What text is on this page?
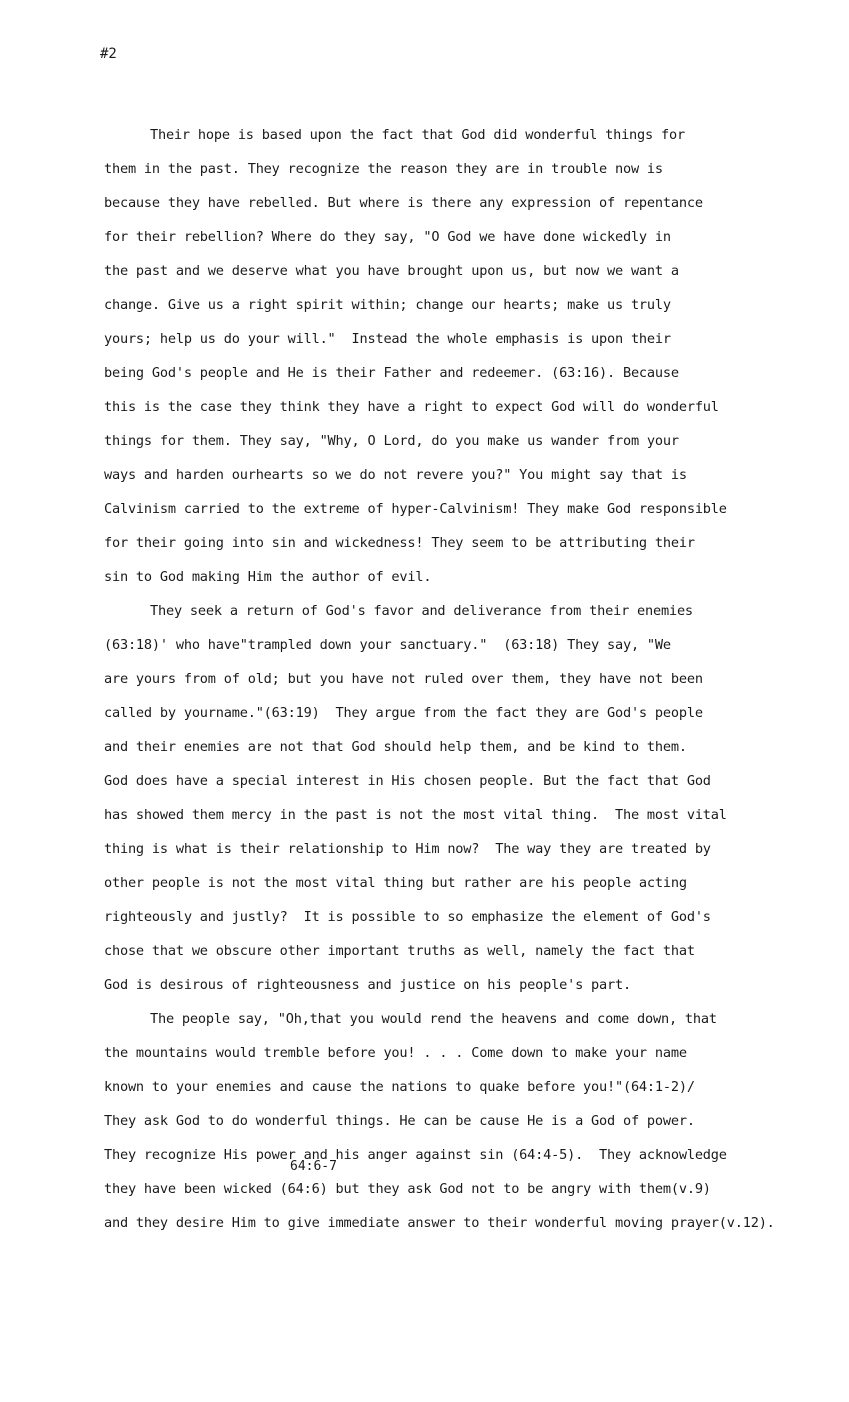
#2
Their hope is based upon the fact that God did wonderful things for
them in the past. They recognize the reason they are in trouble now is
because they have rebelled. But where is there any expression of repentance
for their rebellion? Where do they say, "O God we have done wickedly in
the past and we deserve what you have brought upon us, but now we want a
change. Give us a right spirit within; change our hearts; make us truly
yours; help us do your will."  Instead the whole emphasis is upon their
being God's people and He is their Father and redeemer. (63:16). Because
this is the case they think they have a right to expect God will do wonderful
things for them. They say, "Why, O Lord, do you make us wander from your
ways and harden ourhearts so we do not revere you?" You might say that is
Calvinism carried to the extreme of hyper-Calvinism! They make God responsible
for their going into sin and wickedness! They seem to be attributing their
sin to God making Him the author of evil.
They seek a return of God's favor and deliverance from their enemies
(63:18)' who have"trampled down your sanctuary."  (63:18) They say, "We
are yours from of old; but you have not ruled over them, they have not been
called by yourname."(63:19)  They argue from the fact they are God's people
and their enemies are not that God should help them, and be kind to them.
God does have a special interest in His chosen people. But the fact that God
has showed them mercy in the past is not the most vital thing.  The most vital
thing is what is their relationship to Him now?  The way they are treated by
other people is not the most vital thing but rather are his people acting
righteously and justly?  It is possible to so emphasize the element of God's
chose that we obscure other important truths as well, namely the fact that
God is desirous of righteousness and justice on his people's part.
The people say, "Oh,that you would rend the heavens and come down, that
the mountains would tremble before you! . . . Come down to make your name
known to your enemies and cause the nations to quake before you!"(64:1-2)/
They ask God to do wonderful things. He can be cause He is a God of power.
They recognize His power and his anger against sin (64:4-5).  They acknowledge
64:6-7
they have been wicked (64:6) but they ask God not to be angry with them(v.9)
and they desire Him to give immediate answer to their wonderful moving prayer(v.12).
